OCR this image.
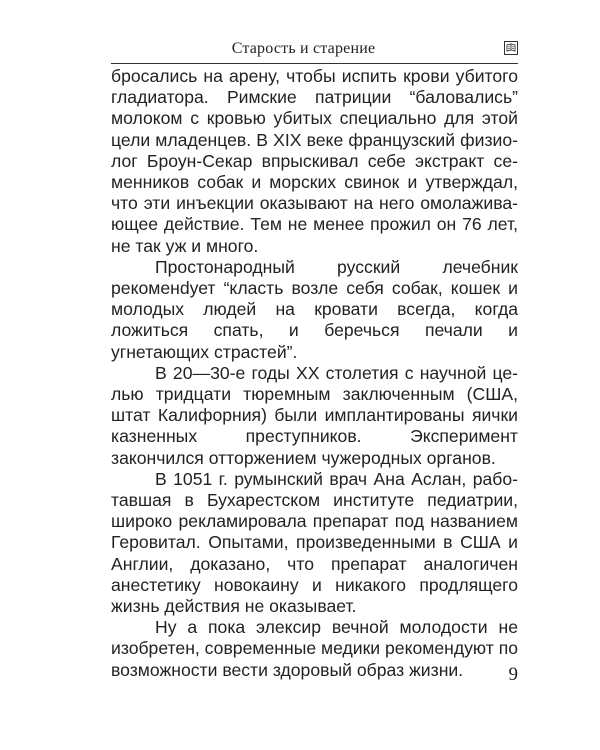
Старость и старение

бросались на арену, чтобы испить крови убитого гладиатора. Римские патриции “баловались” молоком с кровью убитых специально для этой цели младенцев. В XIX веке французский физиолог Броун-Секар впрыскивал себе экстракт семенников собак и морских свинок и утверждал, что эти инъекции оказывают на него омолаживающее действие. Тем не менее прожил он 76 лет, не так уж и много.

Простонародный русский лечебник рекоменdует “класть возле себя собак, кошек и молодых людей на кровати всегда, когда ложиться спать, и беречься печали и угнетающих страстей”.

В 20—30-е годы XX столетия с научной целью тридцати тюремным заключенным (США, штат Калифорния) были имплантированы яички казненных преступников. Эксперимент закончился отторжением чужеродных органов.

В 1051 г. румынский врач Ана Аслан, работавшая в Бухарестском институте педиатрии, широко рекламировала препарат под названием Геровитал. Опытами, произведенными в США и Англии, доказано, что препарат аналогичен анестетику новокаину и никакого продлящего жизнь действия не оказывает.

Ну а пока элексир вечной молодости не изобретен, современные медики рекомендуют по возможности вести здоровый образ жизни.	9
